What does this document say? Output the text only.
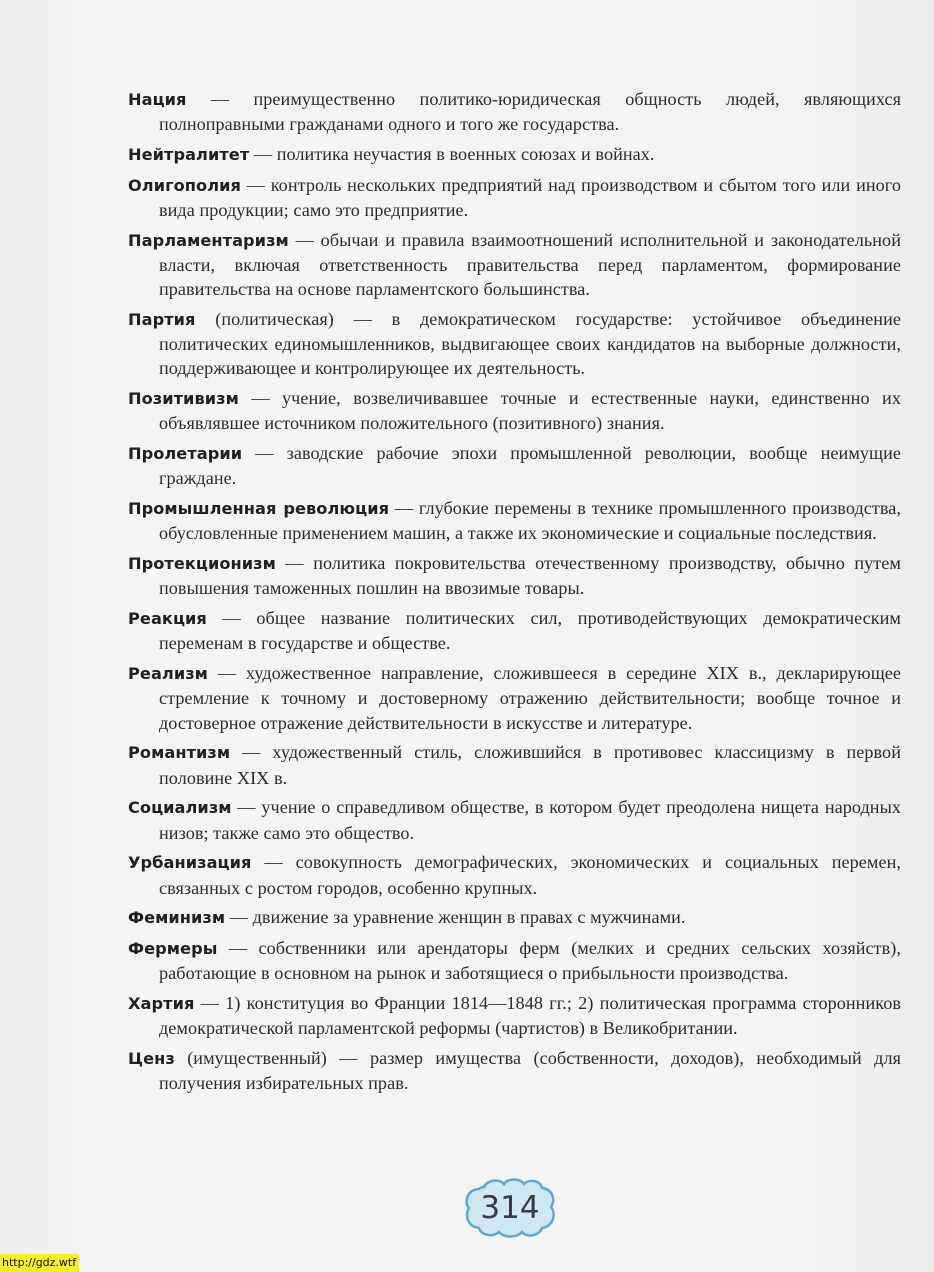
Нация — преимущественно политико-юридическая общность людей, являющихся полноправными гражданами одного и того же государства.

Нейтралитет — политика неучастия в военных союзах и войнах.

Олигополия — контроль нескольких предприятий над производством и сбытом того или иного вида продукции; само это предприятие.

Парламентаризм — обычаи и правила взаимоотношений исполнительной и законодательной власти, включая ответственность правительства перед парламентом, формирование правительства на основе парламентского большинства.

Партия (политическая) — в демократическом государстве: устойчивое объединение политических единомышленников, выдвигающее своих кандидатов на выборные должности, поддерживающее и контролирующее их деятельность.

Позитивизм — учение, возвеличивавшее точные и естественные науки, единственно их объявлявшее источником положительного (позитивного) знания.

Пролетарии — заводские рабочие эпохи промышленной революции, вообще неимущие граждане.

Промышленная революция — глубокие перемены в технике промышленного производства, обусловленные применением машин, а также их экономические и социальные последствия.

Протекционизм — политика покровительства отечественному производству, обычно путем повышения таможенных пошлин на ввозимые товары.

Реакция — общее название политических сил, противодействующих демократическим переменам в государстве и обществе.

Реализм — художественное направление, сложившееся в середине XIX в., декларирующее стремление к точному и достоверному отражению действительности; вообще точное и достоверное отражение действительности в искусстве и литературе.

Романтизм — художественный стиль, сложившийся в противовес классицизму в первой половине XIX в.

Социализм — учение о справедливом обществе, в котором будет преодолена нищета народных низов; также само это общество.

Урбанизация — совокупность демографических, экономических и социальных перемен, связанных с ростом городов, особенно крупных.

Феминизм — движение за уравнение женщин в правах с мужчинами.

Фермеры — собственники или арендаторы ферм (мелких и средних сельских хозяйств), работающие в основном на рынок и заботящиеся о прибыльности производства.

Хартия — 1) конституция во Франции 1814—1848 гг.; 2) политическая программа сторонников демократической парламентской реформы (чартистов) в Великобритании.

Ценз (имущественный) — размер имущества (собственности, доходов), необходимый для получения избирательных прав.

314
http://gdz.wtf
